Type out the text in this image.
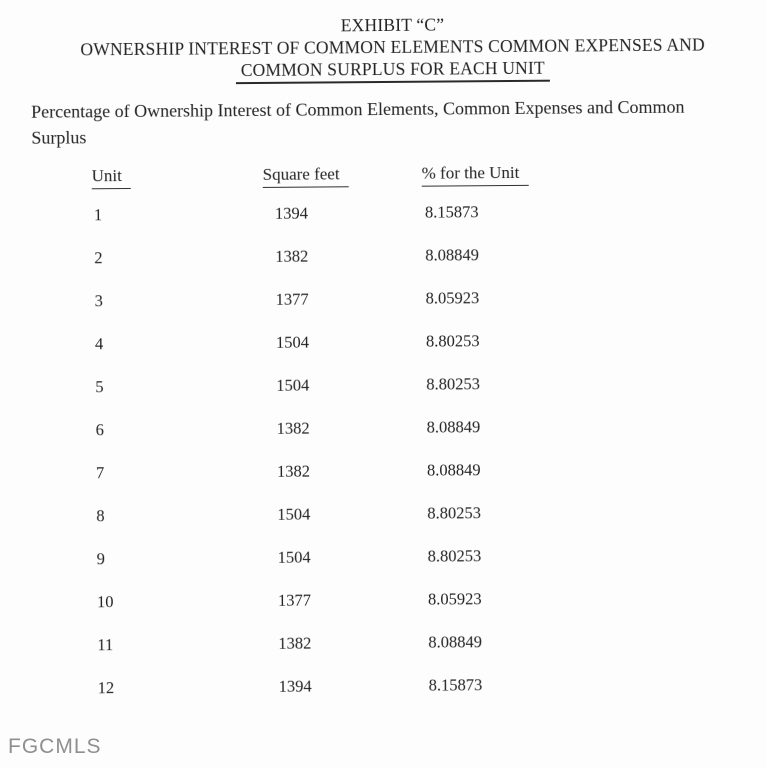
EXHIBIT “C”
OWNERSHIP INTEREST OF COMMON ELEMENTS COMMON EXPENSES AND
COMMON SURPLUS FOR EACH UNIT

Percentage of Ownership Interest of Common Elements, Common Expenses and Common Surplus

Unit	Square feet	% for the Unit
1	1394	8.15873
2	1382	8.08849
3	1377	8.05923
4	1504	8.80253
5	1504	8.80253
6	1382	8.08849
7	1382	8.08849
8	1504	8.80253
9	1504	8.80253
10	1377	8.05923
11	1382	8.08849
12	1394	8.15873
FGCMLS
